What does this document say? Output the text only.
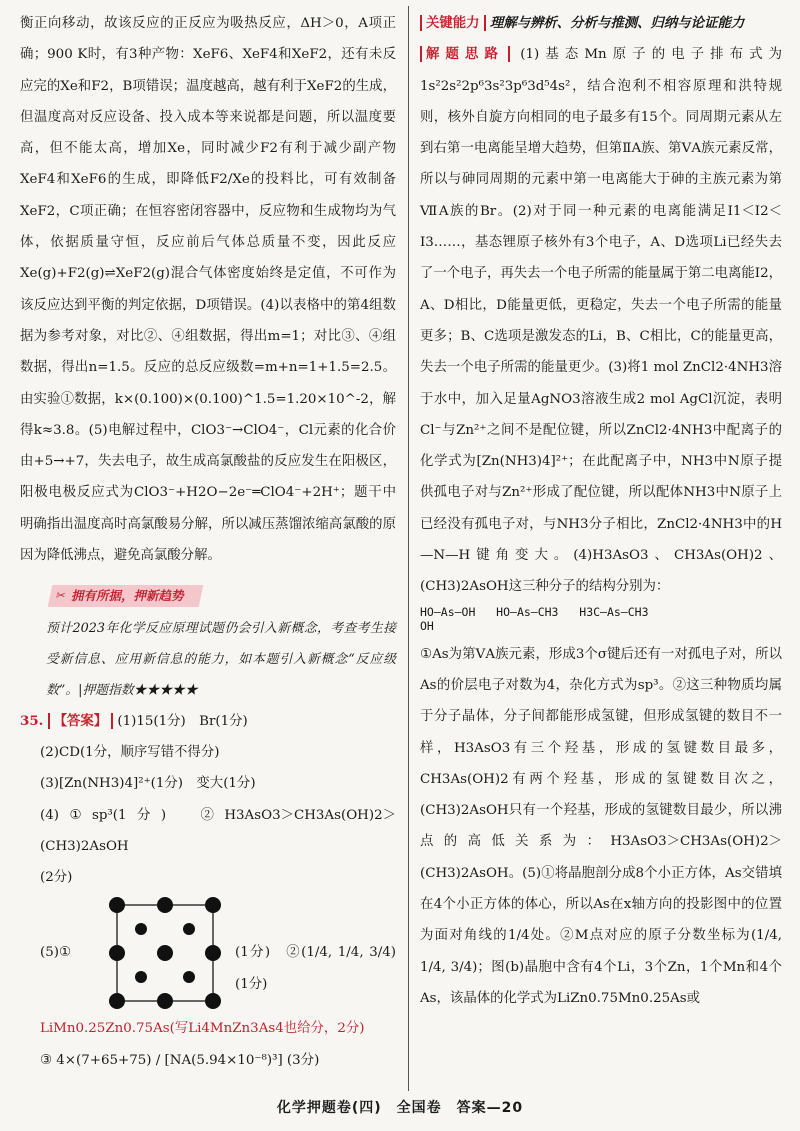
衡正向移动，故该反应的正反应为吸热反应，ΔH＞0，A项正确；900 K时，有3种产物：XeF6、XeF4和XeF2，还有未反应完的Xe和F2，B项错误；温度越高，越有利于XeF2的生成，但温度高对反应设备、投入成本等来说都是问题，所以温度要高，但不能太高，增加Xe，同时减少F2有利于减少副产物XeF4和XeF6的生成，即降低F2/Xe的投料比，可有效制备XeF2，C项正确；在恒容密闭容器中，反应物和生成物均为气体，依据质量守恒，反应前后气体总质量不变，因此反应Xe(g)+F2(g)⇌XeF2(g)混合气体密度始终是定值，不可作为该反应达到平衡的判定依据，D项错误。(4)以表格中的第4组数据为参考对象，对比②、④组数据，得出m=1；对比③、④组数据，得出n=1.5。反应的总反应级数=m+n=1+1.5=2.5。由实验①数据，k×(0.100)×(0.100)^1.5=1.20×10^-2，解得k≈3.8。(5)电解过程中，ClO3⁻→ClO4⁻，Cl元素的化合价由+5→+7，失去电子，故生成高氯酸盐的反应发生在阳极区，阳极电极反应式为ClO3⁻+H2O−2e⁻═ClO4⁻+2H⁺；题干中明确指出温度高时高氯酸易分解，所以减压蒸馏浓缩高氯酸的原因为降低沸点，避免高氯酸分解。

✂ 拥有所据，押新趋势

预计2023年化学反应原理试题仍会引入新概念，考查考生接受新信息、应用新信息的能力，如本题引入新概念“反应级数”。|押题指数★★★★★

35. 【答案】 (1)15(1分)　Br(1分)

(2)CD(1分，顺序写错不得分)

(3)[Zn(NH3)4]²⁺(1分)　变大(1分)

(4)①sp³(1分)　②H3AsO3＞CH3As(OH)2＞(CH3)2AsOH

(2分)

(5)①	(1分)　②(1/4, 1/4, 3/4)(1分)

LiMn0.25Zn0.75As(写Li4MnZn3As4也给分，2分)

③ 4×(7+65+75) / [NA(5.94×10⁻⁸)³] (3分)

关键能力 理解与辨析、分析与推测、归纳与论证能力

解题思路 (1)基态Mn原子的电子排布式为1s²2s²2p⁶3s²3p⁶3d⁵4s²，结合泡利不相容原理和洪特规则，核外自旋方向相同的电子最多有15个。同周期元素从左到右第一电离能呈增大趋势，但第ⅡA族、第ⅤA族元素反常，所以与砷同周期的元素中第一电离能大于砷的主族元素为第ⅦA族的Br。(2)对于同一种元素的电离能满足I1＜I2＜I3……，基态锂原子核外有3个电子，A、D选项Li已经失去了一个电子，再失去一个电子所需的能量属于第二电离能I2，A、D相比，D能量更低，更稳定，失去一个电子所需的能量更多；B、C选项是激发态的Li，B、C相比，C的能量更高，失去一个电子所需的能量更少。(3)将1 mol ZnCl2·4NH3溶于水中，加入足量AgNO3溶液生成2 mol AgCl沉淀，表明Cl⁻与Zn²⁺之间不是配位键，所以ZnCl2·4NH3中配离子的化学式为[Zn(NH3)4]²⁺；在此配离子中，NH3中N原子提供孤电子对与Zn²⁺形成了配位键，所以配体NH3中N原子上已经没有孤电子对，与NH3分子相比，ZnCl2·4NH3中的H—N—H键角变大。(4)H3AsO3、CH3As(OH)2、(CH3)2AsOH这三种分子的结构分别为：

HO—As—OH HO—As—CH3 H3C—As—CH3
OH

①As为第ⅤA族元素，形成3个σ键后还有一对孤电子对，所以As的价层电子对数为4，杂化方式为sp³。②这三种物质均属于分子晶体，分子间都能形成氢键，但形成氢键的数目不一样，H3AsO3有三个羟基，形成的氢键数目最多，CH3As(OH)2有两个羟基，形成的氢键数目次之，(CH3)2AsOH只有一个羟基，形成的氢键数目最少，所以沸点的高低关系为：H3AsO3＞CH3As(OH)2＞(CH3)2AsOH。(5)①将晶胞剖分成8个小正方体，As交错填在4个小正方体的体心，所以As在x轴方向的投影图中的位置为面对角线的1/4处。②M点对应的原子分数坐标为(1/4, 1/4, 3/4)；图(b)晶胞中含有4个Li，3个Zn，1个Mn和4个As，该晶体的化学式为LiZn0.75Mn0.25As或

化学押题卷(四)　全国卷　答案—20
